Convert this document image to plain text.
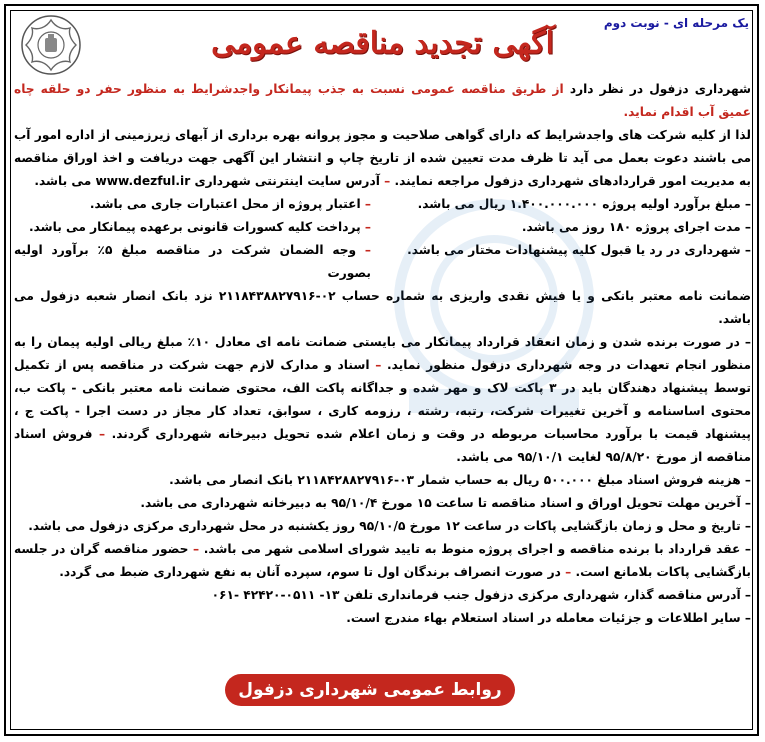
یک مرحله ای - نوبت دوم
آگهی تجدید مناقصه عمومی

شهرداری دزفول در نظر دارد از طریق مناقصه عمومی نسبت به جذب پیمانکار واجدشرایط به منظور حفر دو حلقه چاه عمیق آب اقدام نماید.

لذا از کلیه شرکت های واجدشرایط که دارای گواهی صلاحیت و مجوز پروانه بهره برداری از آبهای زیرزمینی از اداره امور آب می باشند دعوت بعمل می آید تا ظرف مدت تعیین شده از تاریخ چاپ و انتشار این آگهی جهت دریافت و اخذ اوراق مناقصه به مدیریت امور قراردادهای شهرداری دزفول مراجعه نمایند. – آدرس سایت اینترنتی شهرداری www.dezful.ir می باشد.

– مبلغ برآورد اولیه پروژه ۱.۴۰۰.۰۰۰.۰۰۰ ریال می باشد.
– اعتبار پروژه از محل اعتبارات جاری می باشد.
– مدت اجرای پروژه ۱۸۰ روز می باشد.
– پرداخت کلیه کسورات قانونی برعهده پیمانکار می باشد.
– شهرداری در رد یا قبول کلیه پیشنهادات مختار می باشد.
– وجه الضمان شرکت در مناقصه مبلغ ۵٪ برآورد اولیه بصورت

ضمانت نامه معتبر بانکی و یا فیش نقدی واریزی به شماره حساب ۰۲-۲۱۱۸۴۳۸۸۲۷۹۱۶ نزد بانک انصار شعبه دزفول می باشد.

– در صورت برنده شدن و زمان انعقاد قرارداد پیمانکار می بایستی ضمانت نامه ای معادل ۱۰٪ مبلغ ریالی اولیه پیمان را به منظور انجام تعهدات در وجه شهرداری دزفول منظور نماید. – اسناد و مدارک لازم جهت شرکت در مناقصه پس از تکمیل توسط پیشنهاد دهندگان باید در ۳ پاکت لاک و مهر شده و جداگانه پاکت الف، محتوی ضمانت نامه معتبر بانکی - پاکت ب، محتوی اساسنامه و آخرین تغییرات شرکت، رتبه، رشته ، رزومه کاری ، سوابق، تعداد کار مجاز در دست اجرا - پاکت ج ، پیشنهاد قیمت با برآورد محاسبات مربوطه در وقت و زمان اعلام شده تحویل دبیرخانه شهرداری گردند. – فروش اسناد مناقصه از مورخ ۹۵/۸/۲۰ لغایت ۹۵/۱۰/۱ می باشد.

– هزینه فروش اسناد مبلغ ۵۰۰.۰۰۰ ریال به حساب شمار ۰۳-۲۱۱۸۴۲۸۸۲۷۹۱۶ بانک انصار می باشد.

– آخرین مهلت تحویل اوراق و اسناد مناقصه تا ساعت ۱۵ مورخ ۹۵/۱۰/۴ به دبیرخانه شهرداری می باشد.

– تاریخ و محل و زمان بازگشایی پاکات در ساعت ۱۲ مورخ ۹۵/۱۰/۵ روز یکشنبه در محل شهرداری مرکزی دزفول می باشد.

– عقد قرارداد با برنده مناقصه و اجرای پروژه منوط به تایید شورای اسلامی شهر می باشد. – حضور مناقصه گران در جلسه بازگشایی پاکات بلامانع است. – در صورت انصراف برندگان اول تا سوم، سپرده آنان به نفع شهرداری ضبط می گردد.

– آدرس مناقصه گذار، شهرداری مرکزی دزفول جنب فرمانداری تلفن ۱۳- ۰۵۱۱-۴۲۴۲۰ -۰۶۱

– سایر اطلاعات و جزئیات معامله در اسناد استعلام بهاء مندرج است.

روابط عمومی شهرداری دزفول
